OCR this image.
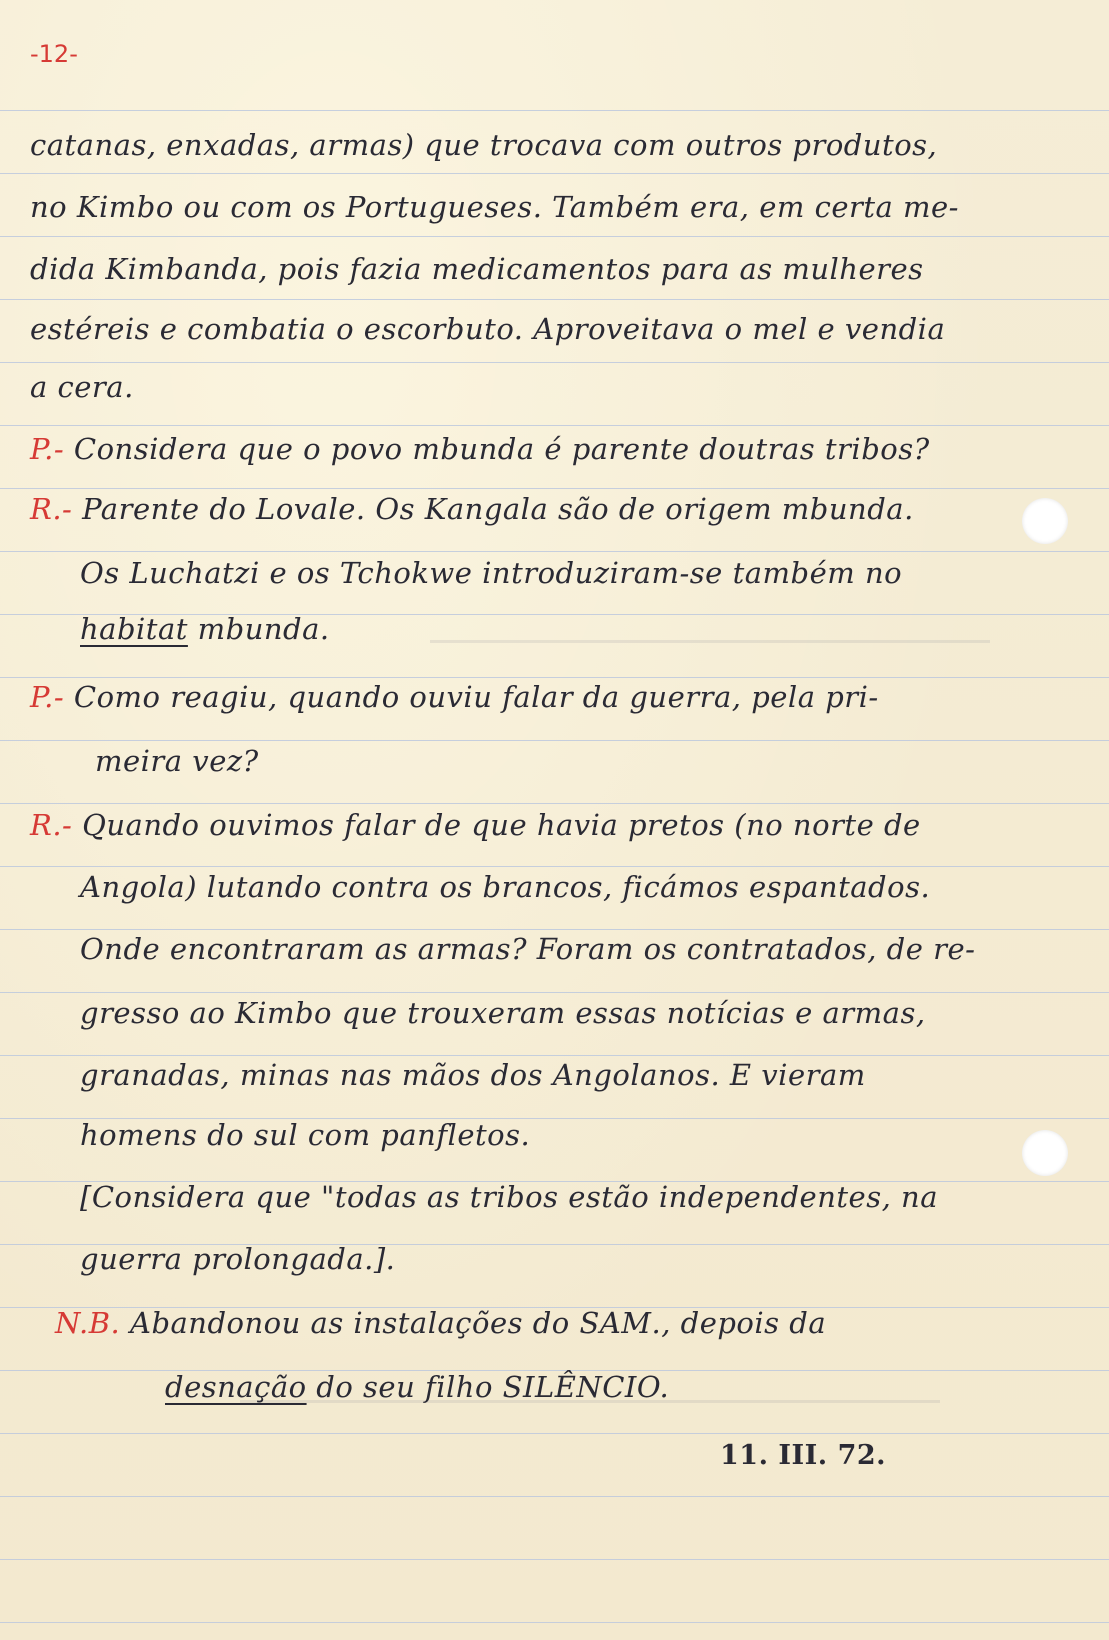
-12-
catanas, enxadas, armas) que trocava com outros produtos,
no Kimbo ou com os Portugueses. Também era, em certa me-
dida Kimbanda, pois fazia medicamentos para as mulheres
estéreis e combatia o escorbuto. Aproveitava o mel e vendia
a cera.
P.- Considera que o povo mbunda é parente doutras tribos?
R.- Parente do Lovale. Os Kangala são de origem mbunda.
Os Luchatzi e os Tchokwe introduziram-se também no
habitat mbunda.
P.- Como reagiu, quando ouviu falar da guerra, pela pri-
meira vez?
R.- Quando ouvimos falar de que havia pretos (no norte de
Angola) lutando contra os brancos, ficámos espantados.
Onde encontraram as armas? Foram os contratados, de re-
gresso ao Kimbo que trouxeram essas notícias e armas,
granadas, minas nas mãos dos Angolanos. E vieram
homens do sul com panfletos.
[Considera que "todas as tribos estão independentes, na
guerra prolongada.].
N.B. Abandonou as instalações do SAM., depois da
desnação do seu filho SILÊNCIO.
11. III. 72.
